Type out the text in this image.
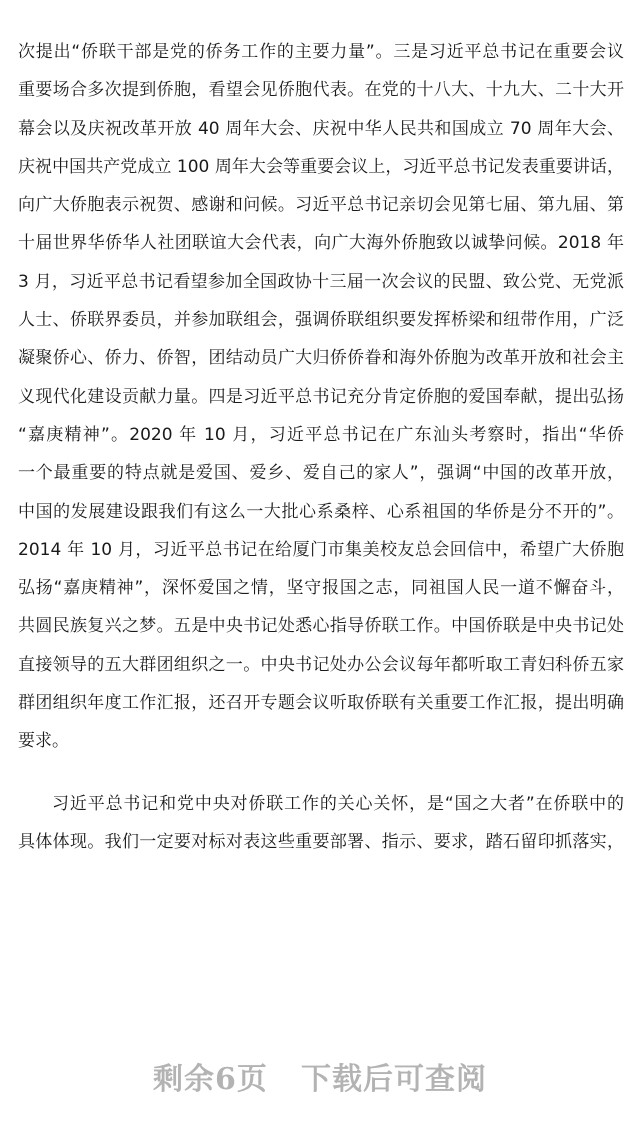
次提出“侨联干部是党的侨务工作的主要力量”。三是习近平总书记在重要会议
重要场合多次提到侨胞，看望会见侨胞代表。在党的十八大、十九大、二十大开
幕会以及庆祝改革开放 40 周年大会、庆祝中华人民共和国成立 70 周年大会、
庆祝中国共产党成立 100 周年大会等重要会议上，习近平总书记发表重要讲话，
向广大侨胞表示祝贺、感谢和问候。习近平总书记亲切会见第七届、第九届、第
十届世界华侨华人社团联谊大会代表，向广大海外侨胞致以诚挚问候。2018 年
3 月，习近平总书记看望参加全国政协十三届一次会议的民盟、致公党、无党派
人士、侨联界委员，并参加联组会，强调侨联组织要发挥桥梁和纽带作用，广泛
凝聚侨心、侨力、侨智，团结动员广大归侨侨眷和海外侨胞为改革开放和社会主
义现代化建设贡献力量。四是习近平总书记充分肯定侨胞的爱国奉献，提出弘扬
“嘉庚精神”。2020 年 10 月，习近平总书记在广东汕头考察时，指出“华侨
一个最重要的特点就是爱国、爱乡、爱自己的家人”，强调“中国的改革开放，
中国的发展建设跟我们有这么一大批心系桑梓、心系祖国的华侨是分不开的”。
2014 年 10 月，习近平总书记在给厦门市集美校友总会回信中，希望广大侨胞
弘扬“嘉庚精神”，深怀爱国之情，坚守报国之志，同祖国人民一道不懈奋斗，
共圆民族复兴之梦。五是中央书记处悉心指导侨联工作。中国侨联是中央书记处
直接领导的五大群团组织之一。中央书记处办公会议每年都听取工青妇科侨五家
群团组织年度工作汇报，还召开专题会议听取侨联有关重要工作汇报，提出明确
要求。
习近平总书记和党中央对侨联工作的关心关怀，是“国之大者”在侨联中的
具体体现。我们一定要对标对表这些重要部署、指示、要求，踏石留印抓落实，
剩余6页 下载后可查阅
